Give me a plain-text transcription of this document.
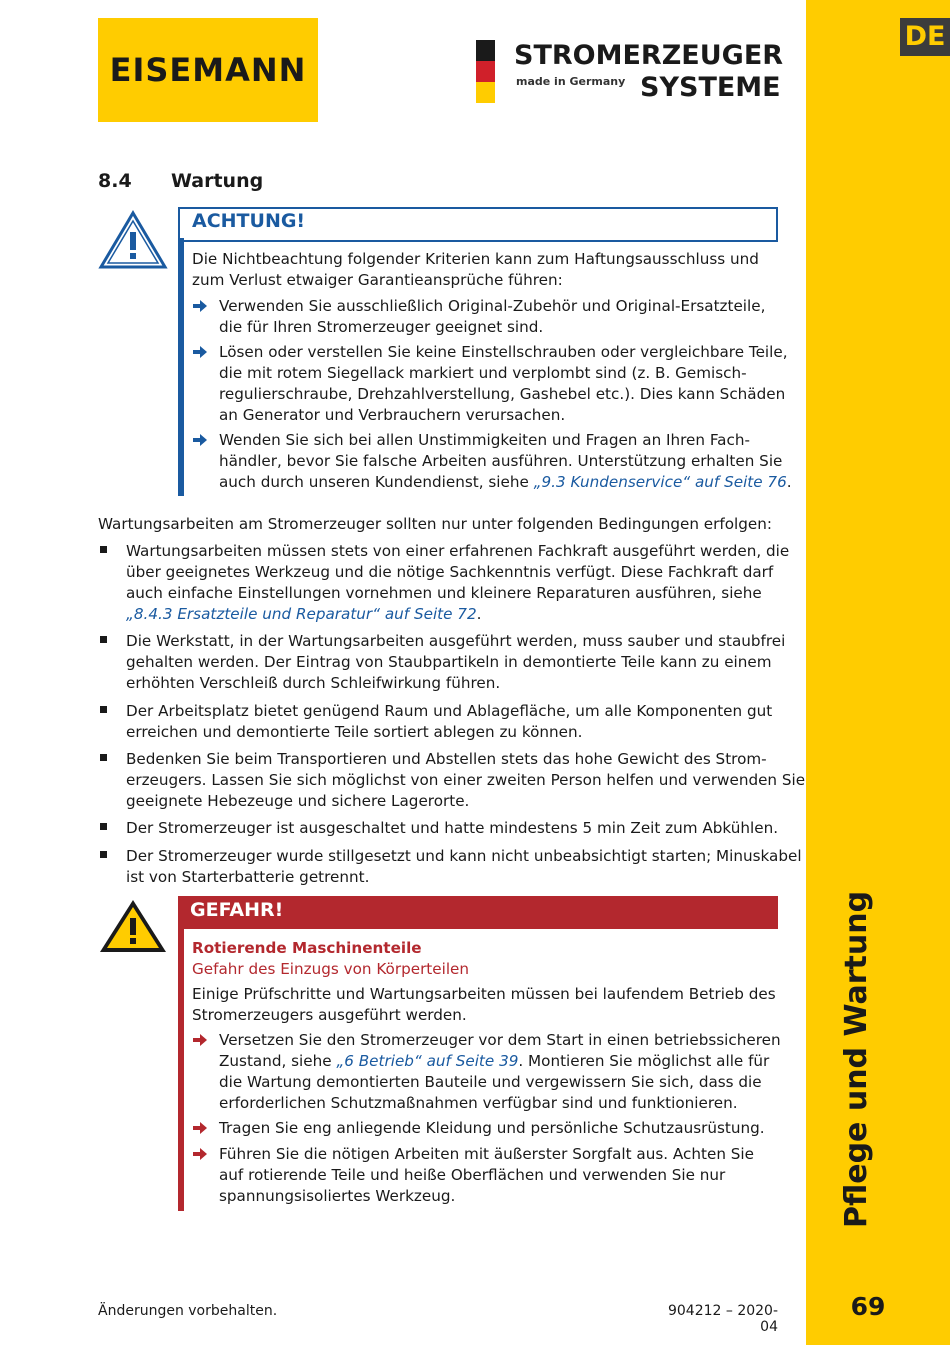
DE
Pflege und Wartung
69
EISEMANN	STROMERZEUGER
made in Germany SYSTEME
8.4 Wartung
ACHTUNG!
Die Nichtbeachtung folgender Kriterien kann zum Haftungsausschluss und
zum Verlust etwaiger Garantieansprüche führen:
Verwenden Sie ausschließlich Original-Zubehör und Original-Ersatzteile,
die für Ihren Stromerzeuger geeignet sind.
Lösen oder verstellen Sie keine Einstellschrauben oder vergleichbare Teile,
die mit rotem Siegellack markiert und verplombt sind (z. B. Gemisch-
regulierschraube, Drehzahlverstellung, Gashebel etc.). Dies kann Schäden
an Generator und Verbrauchern verursachen.
Wenden Sie sich bei allen Unstimmigkeiten und Fragen an Ihren Fach-
händler, bevor Sie falsche Arbeiten ausführen. Unterstützung erhalten Sie
auch durch unseren Kundendienst, siehe „9.3 Kundenservice“ auf Seite 76.
Wartungsarbeiten am Stromerzeuger sollten nur unter folgenden Bedingungen erfolgen:
Wartungsarbeiten müssen stets von einer erfahrenen Fachkraft ausgeführt werden, die
über geeignetes Werkzeug und die nötige Sachkenntnis verfügt. Diese Fachkraft darf
auch einfache Einstellungen vornehmen und kleinere Reparaturen ausführen, siehe
„8.4.3 Ersatzteile und Reparatur“ auf Seite 72.
Die Werkstatt, in der Wartungsarbeiten ausgeführt werden, muss sauber und staubfrei
gehalten werden. Der Eintrag von Staubpartikeln in demontierte Teile kann zu einem
erhöhten Verschleiß durch Schleifwirkung führen.
Der Arbeitsplatz bietet genügend Raum und Ablagefläche, um alle Komponenten gut
erreichen und demontierte Teile sortiert ablegen zu können.
Bedenken Sie beim Transportieren und Abstellen stets das hohe Gewicht des Strom-
erzeugers. Lassen Sie sich möglichst von einer zweiten Person helfen und verwenden Sie
geeignete Hebezeuge und sichere Lagerorte.
Der Stromerzeuger ist ausgeschaltet und hatte mindestens 5 min Zeit zum Abkühlen.
Der Stromerzeuger wurde stillgesetzt und kann nicht unbeabsichtigt starten; Minuskabel
ist von Starterbatterie getrennt.
GEFAHR!
Rotierende Maschinenteile
Gefahr des Einzugs von Körperteilen
Einige Prüfschritte und Wartungsarbeiten müssen bei laufendem Betrieb des
Stromerzeugers ausgeführt werden.
Versetzen Sie den Stromerzeuger vor dem Start in einen betriebssicheren
Zustand, siehe „6 Betrieb“ auf Seite 39. Montieren Sie möglichst alle für
die Wartung demontierten Bauteile und vergewissern Sie sich, dass die
erforderlichen Schutzmaßnahmen verfügbar sind und funktionieren.
Tragen Sie eng anliegende Kleidung und persönliche Schutzausrüstung.
Führen Sie die nötigen Arbeiten mit äußerster Sorgfalt aus. Achten Sie
auf rotierende Teile und heiße Oberflächen und verwenden Sie nur
spannungsisoliertes Werkzeug.
Änderungen vorbehalten.	904212 – 2020-04
